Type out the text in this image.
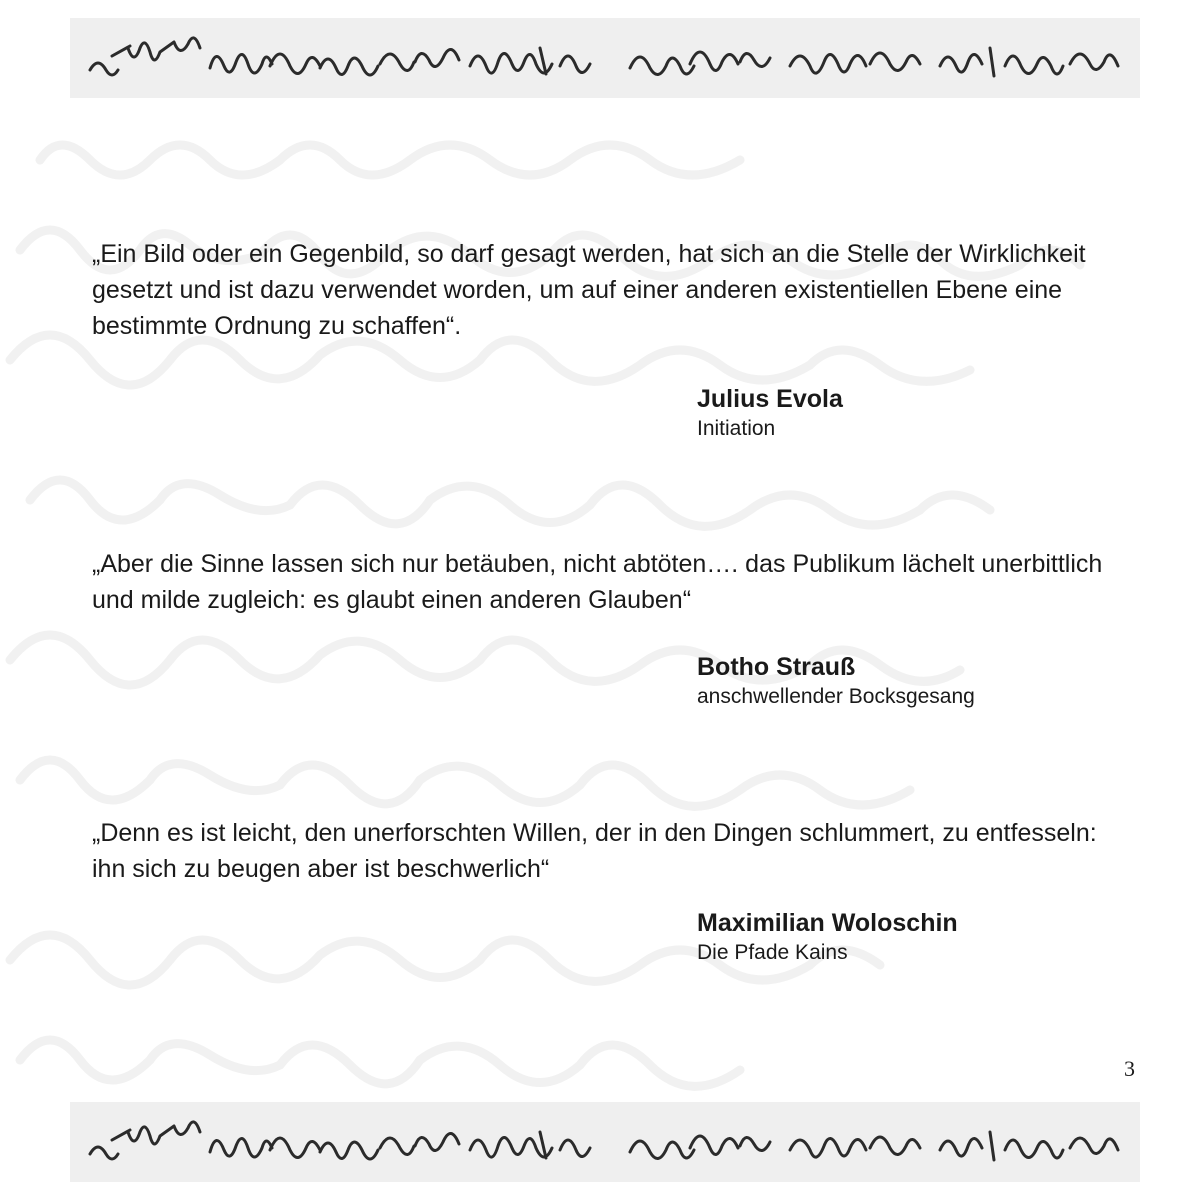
„Ein Bild oder ein Gegenbild, so darf gesagt werden, hat sich an die Stelle der Wirklichkeit gesetzt und ist dazu verwendet worden, um auf einer anderen existentiellen Ebene eine bestimmte Ordnung zu schaffen“.

Julius Evola
Initiation

„Aber die Sinne lassen sich nur betäuben, nicht abtöten…. das Publikum lächelt unerbittlich und milde zugleich: es glaubt einen anderen Glauben“

Botho Strauß
anschwellender Bocksgesang

„Denn es ist leicht, den unerforschten Willen, der in den Dingen schlummert, zu entfesseln: ihn sich zu beugen aber ist beschwerlich“

Maximilian Woloschin
Die Pfade Kains
3
